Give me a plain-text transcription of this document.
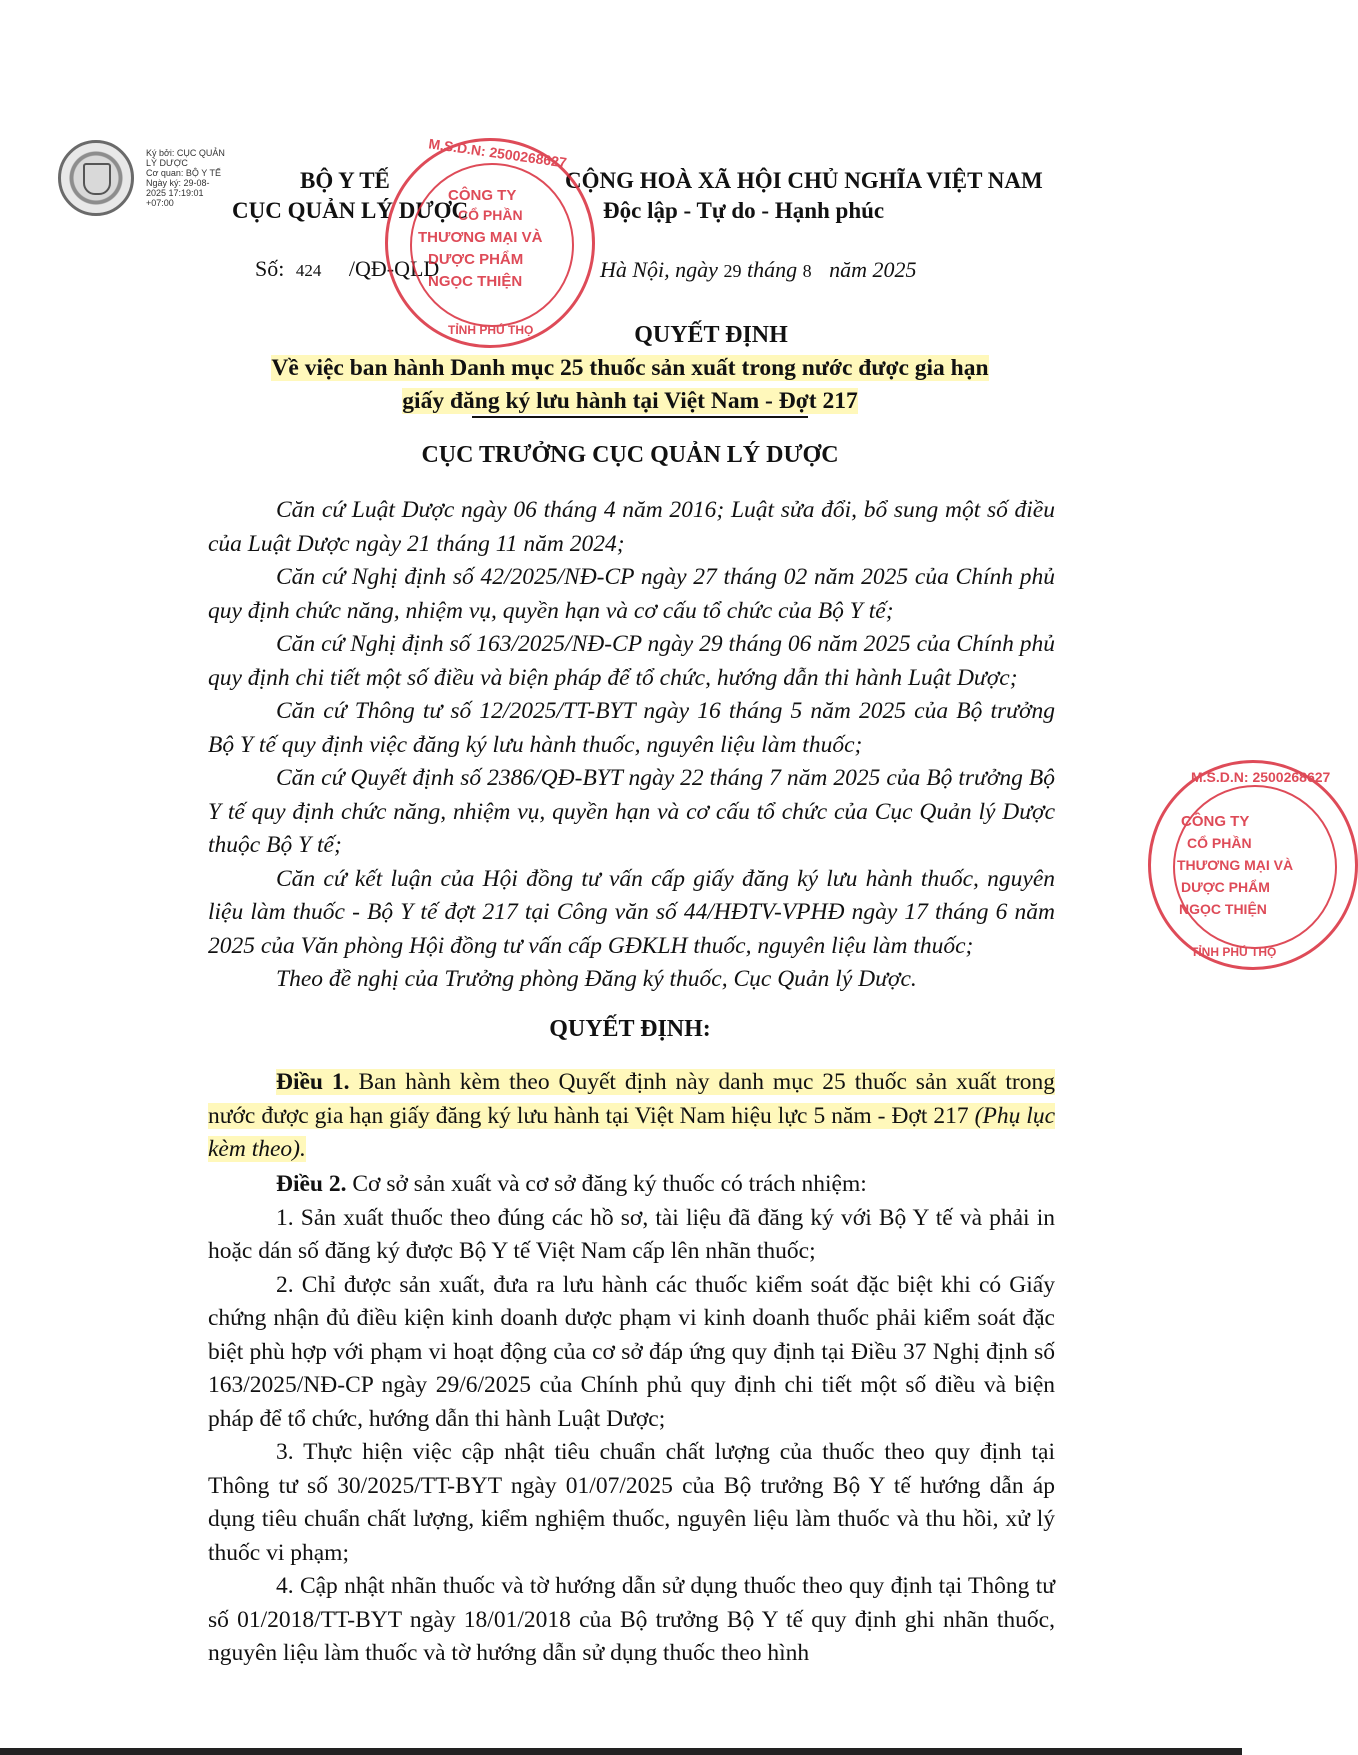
Ký bởi: CỤC QUẢN
LÝ DƯỢC
Cơ quan: BỘ Y TẾ
Ngày ký: 29-08-
2025 17:19:01
+07:00
BỘ Y TẾ
CỤC QUẢN LÝ DƯỢC
CỘNG HOÀ XÃ HỘI CHỦ NGHĨA VIỆT NAM
Độc lập - Tự do - Hạnh phúc
Số: 424 /QĐ-QLD	Hà Nội, ngày 29 tháng 8 năm 2025
QUYẾT ĐỊNH
Về việc ban hành Danh mục 25 thuốc sản xuất trong nước được gia hạn
giấy đăng ký lưu hành tại Việt Nam - Đợt 217
CỤC TRƯỞNG CỤC QUẢN LÝ DƯỢC
Căn cứ Luật Dược ngày 06 tháng 4 năm 2016; Luật sửa đổi, bổ sung một số điều của Luật Dược ngày 21 tháng 11 năm 2024;
Căn cứ Nghị định số 42/2025/NĐ-CP ngày 27 tháng 02 năm 2025 của Chính phủ quy định chức năng, nhiệm vụ, quyền hạn và cơ cấu tổ chức của Bộ Y tế;
Căn cứ Nghị định số 163/2025/NĐ-CP ngày 29 tháng 06 năm 2025 của Chính phủ quy định chi tiết một số điều và biện pháp để tổ chức, hướng dẫn thi hành Luật Dược;
Căn cứ Thông tư số 12/2025/TT-BYT ngày 16 tháng 5 năm 2025 của Bộ trưởng Bộ Y tế quy định việc đăng ký lưu hành thuốc, nguyên liệu làm thuốc;
Căn cứ Quyết định số 2386/QĐ-BYT ngày 22 tháng 7 năm 2025 của Bộ trưởng Bộ Y tế quy định chức năng, nhiệm vụ, quyền hạn và cơ cấu tổ chức của Cục Quản lý Dược thuộc Bộ Y tế;
Căn cứ kết luận của Hội đồng tư vấn cấp giấy đăng ký lưu hành thuốc, nguyên liệu làm thuốc - Bộ Y tế đợt 217 tại Công văn số 44/HĐTV-VPHĐ ngày 17 tháng 6 năm 2025 của Văn phòng Hội đồng tư vấn cấp GĐKLH thuốc, nguyên liệu làm thuốc;
Theo đề nghị của Trưởng phòng Đăng ký thuốc, Cục Quản lý Dược.
QUYẾT ĐỊNH:
Điều 1. Ban hành kèm theo Quyết định này danh mục 25 thuốc sản xuất trong nước được gia hạn giấy đăng ký lưu hành tại Việt Nam hiệu lực 5 năm - Đợt 217 (Phụ lục kèm theo).
Điều 2. Cơ sở sản xuất và cơ sở đăng ký thuốc có trách nhiệm:
1. Sản xuất thuốc theo đúng các hồ sơ, tài liệu đã đăng ký với Bộ Y tế và phải in hoặc dán số đăng ký được Bộ Y tế Việt Nam cấp lên nhãn thuốc;
2. Chỉ được sản xuất, đưa ra lưu hành các thuốc kiểm soát đặc biệt khi có Giấy chứng nhận đủ điều kiện kinh doanh dược phạm vi kinh doanh thuốc phải kiểm soát đặc biệt phù hợp với phạm vi hoạt động của cơ sở đáp ứng quy định tại Điều 37 Nghị định số 163/2025/NĐ-CP ngày 29/6/2025 của Chính phủ quy định chi tiết một số điều và biện pháp để tổ chức, hướng dẫn thi hành Luật Dược;
3. Thực hiện việc cập nhật tiêu chuẩn chất lượng của thuốc theo quy định tại Thông tư số 30/2025/TT-BYT ngày 01/07/2025 của Bộ trưởng Bộ Y tế hướng dẫn áp dụng tiêu chuẩn chất lượng, kiểm nghiệm thuốc, nguyên liệu làm thuốc và thu hồi, xử lý thuốc vi phạm;
4. Cập nhật nhãn thuốc và tờ hướng dẫn sử dụng thuốc theo quy định tại Thông tư số 01/2018/TT-BYT ngày 18/01/2018 của Bộ trưởng Bộ Y tế quy định ghi nhãn thuốc, nguyên liệu làm thuốc và tờ hướng dẫn sử dụng thuốc theo hình
M.S.D.N: 2500268627
CÔNG TY
CỔ PHẦN
THƯƠNG MẠI VÀ
DƯỢC PHẨM
NGỌC THIỆN
TỈNH PHÚ THỌ
M.S.D.N: 2500268627
CÔNG TY
CỔ PHẦN
THƯƠNG MẠI VÀ
DƯỢC PHẨM
NGỌC THIỆN
TỈNH PHÚ THỌ
